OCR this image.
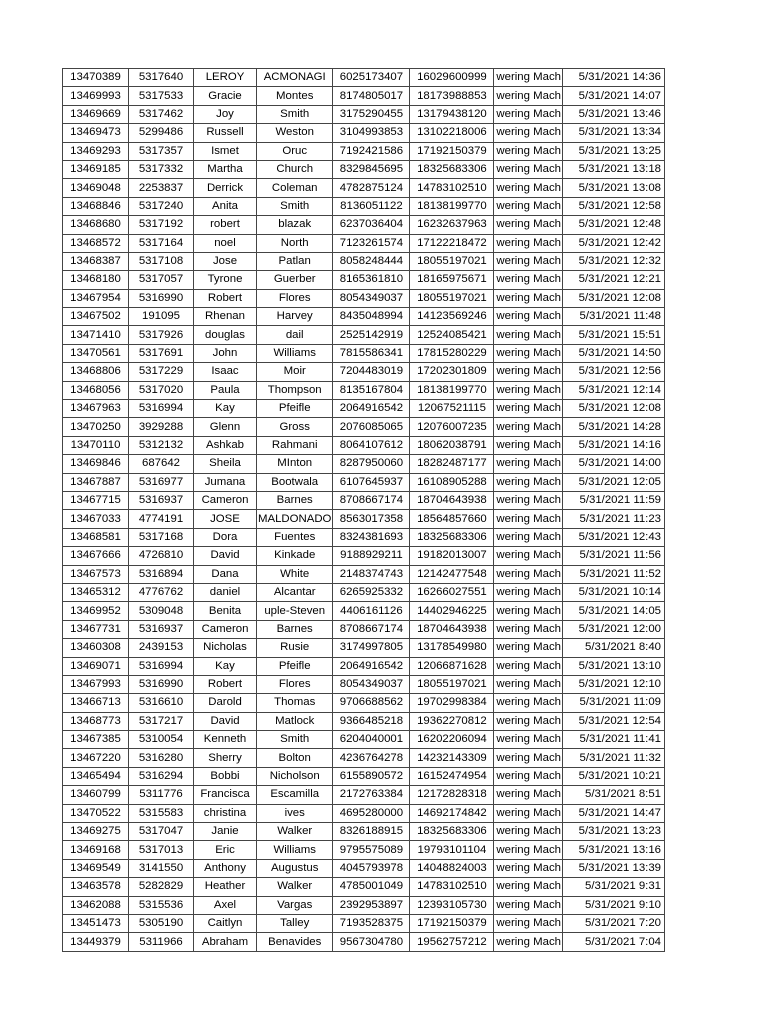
13470389	5317640	LEROY	ACMONAGI	6025173407	16029600999	wering Mach	5/31/2021 14:36
13469993	5317533	Gracie	Montes	8174805017	18173988853	wering Mach	5/31/2021 14:07
13469669	5317462	Joy	Smith	3175290455	13179438120	wering Mach	5/31/2021 13:46
13469473	5299486	Russell	Weston	3104993853	13102218006	wering Mach	5/31/2021 13:34
13469293	5317357	Ismet	Oruc	7192421586	17192150379	wering Mach	5/31/2021 13:25
13469185	5317332	Martha	Church	8329845695	18325683306	wering Mach	5/31/2021 13:18
13469048	2253837	Derrick	Coleman	4782875124	14783102510	wering Mach	5/31/2021 13:08
13468846	5317240	Anita	Smith	8136051122	18138199770	wering Mach	5/31/2021 12:58
13468680	5317192	robert	blazak	6237036404	16232637963	wering Mach	5/31/2021 12:48
13468572	5317164	noel	North	7123261574	17122218472	wering Mach	5/31/2021 12:42
13468387	5317108	Jose	Patlan	8058248444	18055197021	wering Mach	5/31/2021 12:32
13468180	5317057	Tyrone	Guerber	8165361810	18165975671	wering Mach	5/31/2021 12:21
13467954	5316990	Robert	Flores	8054349037	18055197021	wering Mach	5/31/2021 12:08
13467502	191095	Rhenan	Harvey	8435048994	14123569246	wering Mach	5/31/2021 11:48
13471410	5317926	douglas	dail	2525142919	12524085421	wering Mach	5/31/2021 15:51
13470561	5317691	John	Williams	7815586341	17815280229	wering Mach	5/31/2021 14:50
13468806	5317229	Isaac	Moir	7204483019	17202301809	wering Mach	5/31/2021 12:56
13468056	5317020	Paula	Thompson	8135167804	18138199770	wering Mach	5/31/2021 12:14
13467963	5316994	Kay	Pfeifle	2064916542	12067521115	wering Mach	5/31/2021 12:08
13470250	3929288	Glenn	Gross	2076085065	12076007235	wering Mach	5/31/2021 14:28
13470110	5312132	Ashkab	Rahmani	8064107612	18062038791	wering Mach	5/31/2021 14:16
13469846	687642	Sheila	MInton	8287950060	18282487177	wering Mach	5/31/2021 14:00
13467887	5316977	Jumana	Bootwala	6107645937	16108905288	wering Mach	5/31/2021 12:05
13467715	5316937	Cameron	Barnes	8708667174	18704643938	wering Mach	5/31/2021 11:59
13467033	4774191	JOSE	MALDONADO	8563017358	18564857660	wering Mach	5/31/2021 11:23
13468581	5317168	Dora	Fuentes	8324381693	18325683306	wering Mach	5/31/2021 12:43
13467666	4726810	David	Kinkade	9188929211	19182013007	wering Mach	5/31/2021 11:56
13467573	5316894	Dana	White	2148374743	12142477548	wering Mach	5/31/2021 11:52
13465312	4776762	daniel	Alcantar	6265925332	16266027551	wering Mach	5/31/2021 10:14
13469952	5309048	Benita	uple-Steven	4406161126	14402946225	wering Mach	5/31/2021 14:05
13467731	5316937	Cameron	Barnes	8708667174	18704643938	wering Mach	5/31/2021 12:00
13460308	2439153	Nicholas	Rusie	3174997805	13178549980	wering Mach	5/31/2021 8:40
13469071	5316994	Kay	Pfeifle	2064916542	12066871628	wering Mach	5/31/2021 13:10
13467993	5316990	Robert	Flores	8054349037	18055197021	wering Mach	5/31/2021 12:10
13466713	5316610	Darold	Thomas	9706688562	19702998384	wering Mach	5/31/2021 11:09
13468773	5317217	David	Matlock	9366485218	19362270812	wering Mach	5/31/2021 12:54
13467385	5310054	Kenneth	Smith	6204040001	16202206094	wering Mach	5/31/2021 11:41
13467220	5316280	Sherry	Bolton	4236764278	14232143309	wering Mach	5/31/2021 11:32
13465494	5316294	Bobbi	Nicholson	6155890572	16152474954	wering Mach	5/31/2021 10:21
13460799	5311776	Francisca	Escamilla	2172763384	12172828318	wering Mach	5/31/2021 8:51
13470522	5315583	christina	ives	4695280000	14692174842	wering Mach	5/31/2021 14:47
13469275	5317047	Janie	Walker	8326188915	18325683306	wering Mach	5/31/2021 13:23
13469168	5317013	Eric	Williams	9795575089	19793101104	wering Mach	5/31/2021 13:16
13469549	3141550	Anthony	Augustus	4045793978	14048824003	wering Mach	5/31/2021 13:39
13463578	5282829	Heather	Walker	4785001049	14783102510	wering Mach	5/31/2021 9:31
13462088	5315536	Axel	Vargas	2392953897	12393105730	wering Mach	5/31/2021 9:10
13451473	5305190	Caitlyn	Talley	7193528375	17192150379	wering Mach	5/31/2021 7:20
13449379	5311966	Abraham	Benavides	9567304780	19562757212	wering Mach	5/31/2021 7:04
